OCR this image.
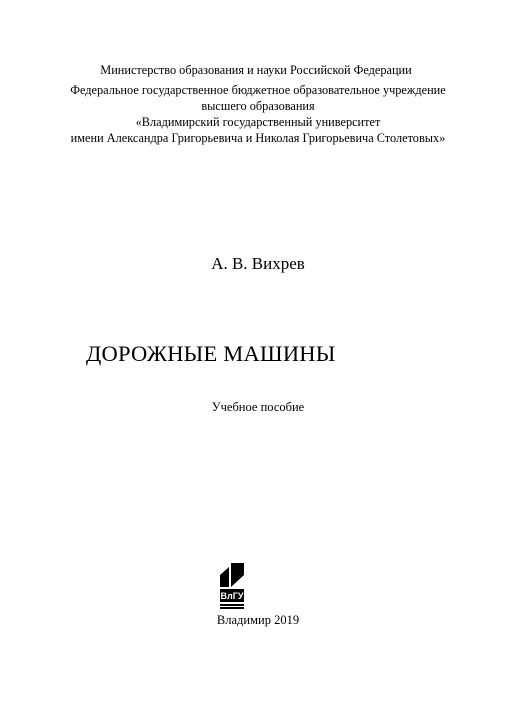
Министерство образования и науки Российской Федерации
Федеральное государственное бюджетное образовательное учреждение
высшего образования
«Владимирский государственный университет
имени Александра Григорьевича и Николая Григорьевича Столетовых»
А. В. Вихрев
ДОРОЖНЫЕ МАШИНЫ
Учебное пособие
ВлГУ
Владимир 2019
